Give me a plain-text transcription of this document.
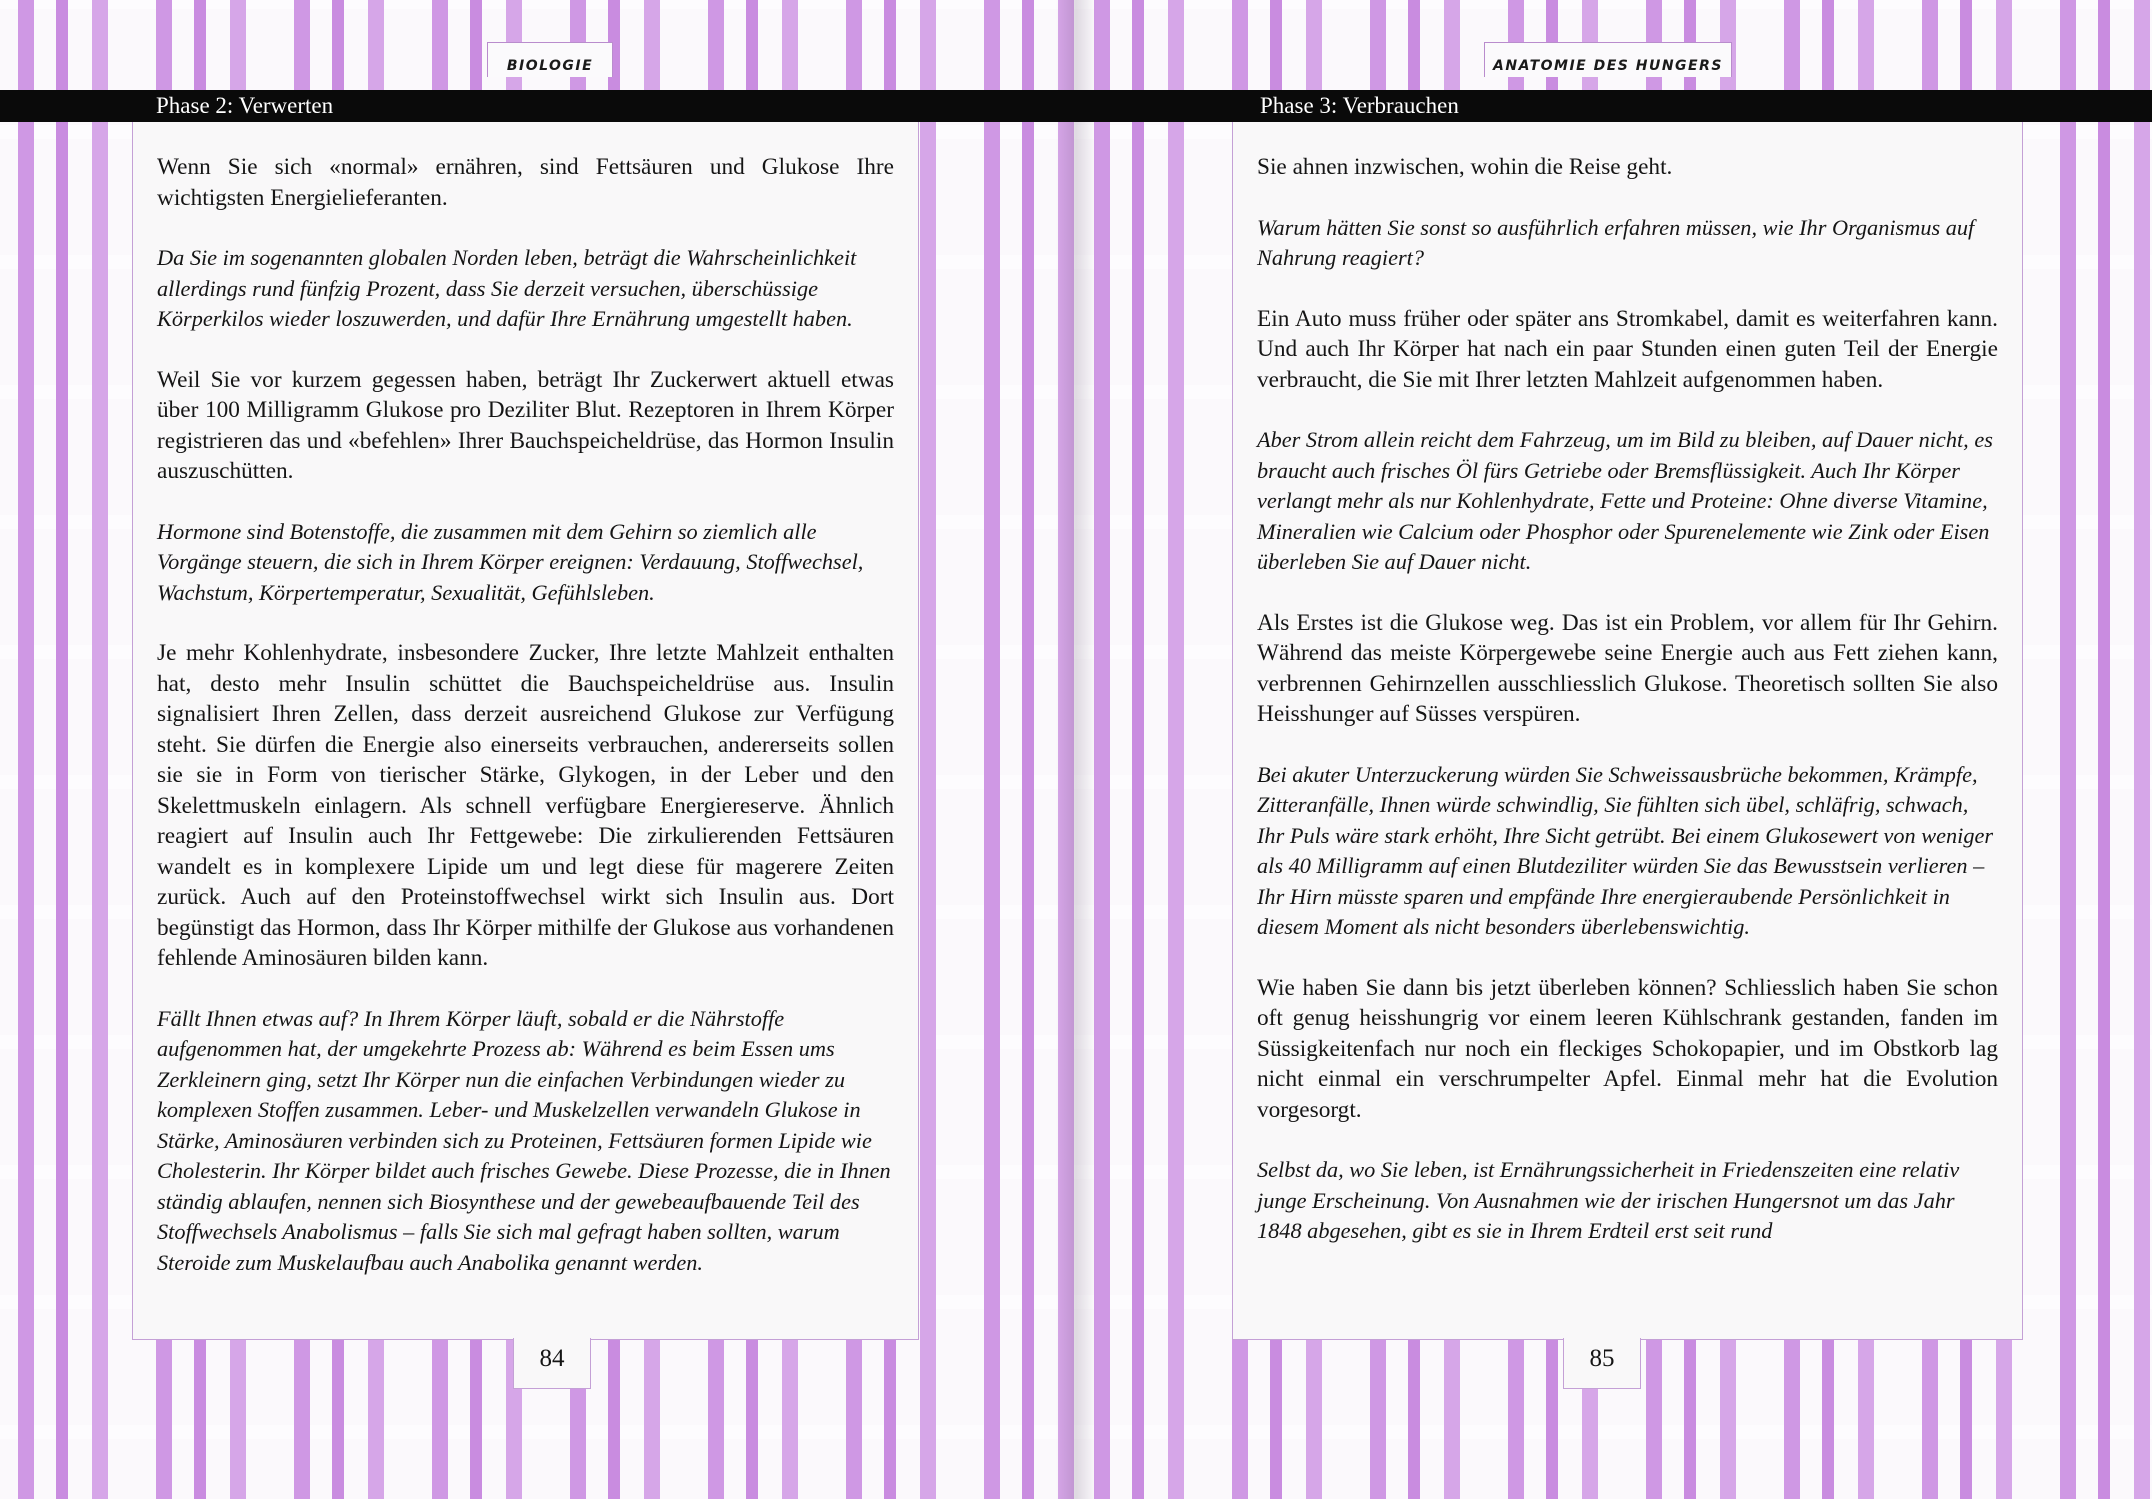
BIOLOGIE	ANATOMIE DES HUNGERS
Phase 2: Verwerten	Phase 3: Verbrauchen

Wenn Sie sich «normal» ernähren, sind Fettsäuren und Glukose Ihre wichtigsten Energielieferanten.

Da Sie im sogenannten globalen Norden leben, beträgt die Wahrscheinlichkeit allerdings rund fünfzig Prozent, dass Sie derzeit versuchen, überschüssige Körperkilos wieder loszuwerden, und dafür Ihre Ernährung umgestellt haben.

Weil Sie vor kurzem gegessen haben, beträgt Ihr Zuckerwert aktuell etwas über 100 Milligramm Glukose pro Deziliter Blut. Rezeptoren in Ihrem Körper registrieren das und «befehlen» Ihrer Bauchspeicheldrüse, das Hormon Insulin auszuschütten.

Hormone sind Botenstoffe, die zusammen mit dem Gehirn so ziemlich alle Vorgänge steuern, die sich in Ihrem Körper ereignen: Verdauung, Stoffwechsel, Wachstum, Körpertemperatur, Sexualität, Gefühlsleben.

Je mehr Kohlenhydrate, insbesondere Zucker, Ihre letzte Mahlzeit enthalten hat, desto mehr Insulin schüttet die Bauchspeicheldrüse aus. Insulin signalisiert Ihren Zellen, dass derzeit ausreichend Glukose zur Verfügung steht. Sie dürfen die Energie also einerseits verbrauchen, andererseits sollen sie sie in Form von tierischer Stärke, Glykogen, in der Leber und den Skelettmuskeln einlagern. Als schnell verfügbare Energiereserve. Ähnlich reagiert auf Insulin auch Ihr Fettgewebe: Die zirkulierenden Fettsäuren wandelt es in komplexere Lipide um und legt diese für magerere Zeiten zurück. Auch auf den Proteinstoffwechsel wirkt sich Insulin aus. Dort begünstigt das Hormon, dass Ihr Körper mithilfe der Glukose aus vorhandenen fehlende Aminosäuren bilden kann.

Fällt Ihnen etwas auf? In Ihrem Körper läuft, sobald er die Nährstoffe aufgenommen hat, der umgekehrte Prozess ab: Während es beim Essen ums Zerkleinern ging, setzt Ihr Körper nun die einfachen Verbindungen wieder zu komplexen Stoffen zusammen. Leber- und Muskelzellen verwandeln Glukose in Stärke, Aminosäuren verbinden sich zu Proteinen, Fettsäuren formen Lipide wie Cholesterin. Ihr Körper bildet auch frisches Gewebe. Diese Prozesse, die in Ihnen ständig ablaufen, nennen sich Biosynthese und der gewebeaufbauende Teil des Stoffwechsels Anabolismus – falls Sie sich mal gefragt haben sollten, warum Steroide zum Muskelaufbau auch Anabolika genannt werden.

Sie ahnen inzwischen, wohin die Reise geht.

Warum hätten Sie sonst so ausführlich erfahren müssen, wie Ihr Organismus auf Nahrung reagiert?

Ein Auto muss früher oder später ans Stromkabel, damit es weiterfahren kann. Und auch Ihr Körper hat nach ein paar Stunden einen guten Teil der Energie verbraucht, die Sie mit Ihrer letzten Mahlzeit aufgenommen haben.

Aber Strom allein reicht dem Fahrzeug, um im Bild zu bleiben, auf Dauer nicht, es braucht auch frisches Öl fürs Getriebe oder Bremsflüssigkeit. Auch Ihr Körper verlangt mehr als nur Kohlenhydrate, Fette und Proteine: Ohne diverse Vitamine, Mineralien wie Calcium oder Phosphor oder Spurenelemente wie Zink oder Eisen überleben Sie auf Dauer nicht.

Als Erstes ist die Glukose weg. Das ist ein Problem, vor allem für Ihr Gehirn. Während das meiste Körpergewebe seine Energie auch aus Fett ziehen kann, verbrennen Gehirnzellen ausschliesslich Glukose. Theoretisch sollten Sie also Heisshunger auf Süsses verspüren.

Bei akuter Unterzuckerung würden Sie Schweissausbrüche bekommen, Krämpfe, Zitteranfälle, Ihnen würde schwindlig, Sie fühlten sich übel, schläfrig, schwach, Ihr Puls wäre stark erhöht, Ihre Sicht getrübt. Bei einem Glukosewert von weniger als 40 Milligramm auf einen Blutdeziliter würden Sie das Bewusstsein verlieren – Ihr Hirn müsste sparen und empfände Ihre energieraubende Persönlichkeit in diesem Moment als nicht besonders überlebenswichtig.

Wie haben Sie dann bis jetzt überleben können? Schliesslich haben Sie schon oft genug heisshungrig vor einem leeren Kühlschrank gestanden, fanden im Süssigkeitenfach nur noch ein fleckiges Schokopapier, und im Obstkorb lag nicht einmal ein verschrumpelter Apfel. Einmal mehr hat die Evolution vorgesorgt.

Selbst da, wo Sie leben, ist Ernährungssicherheit in Friedenszeiten eine relativ junge Erscheinung. Von Ausnahmen wie der irischen Hungersnot um das Jahr 1848 abgesehen, gibt es sie in Ihrem Erdteil erst seit rund

84	85
